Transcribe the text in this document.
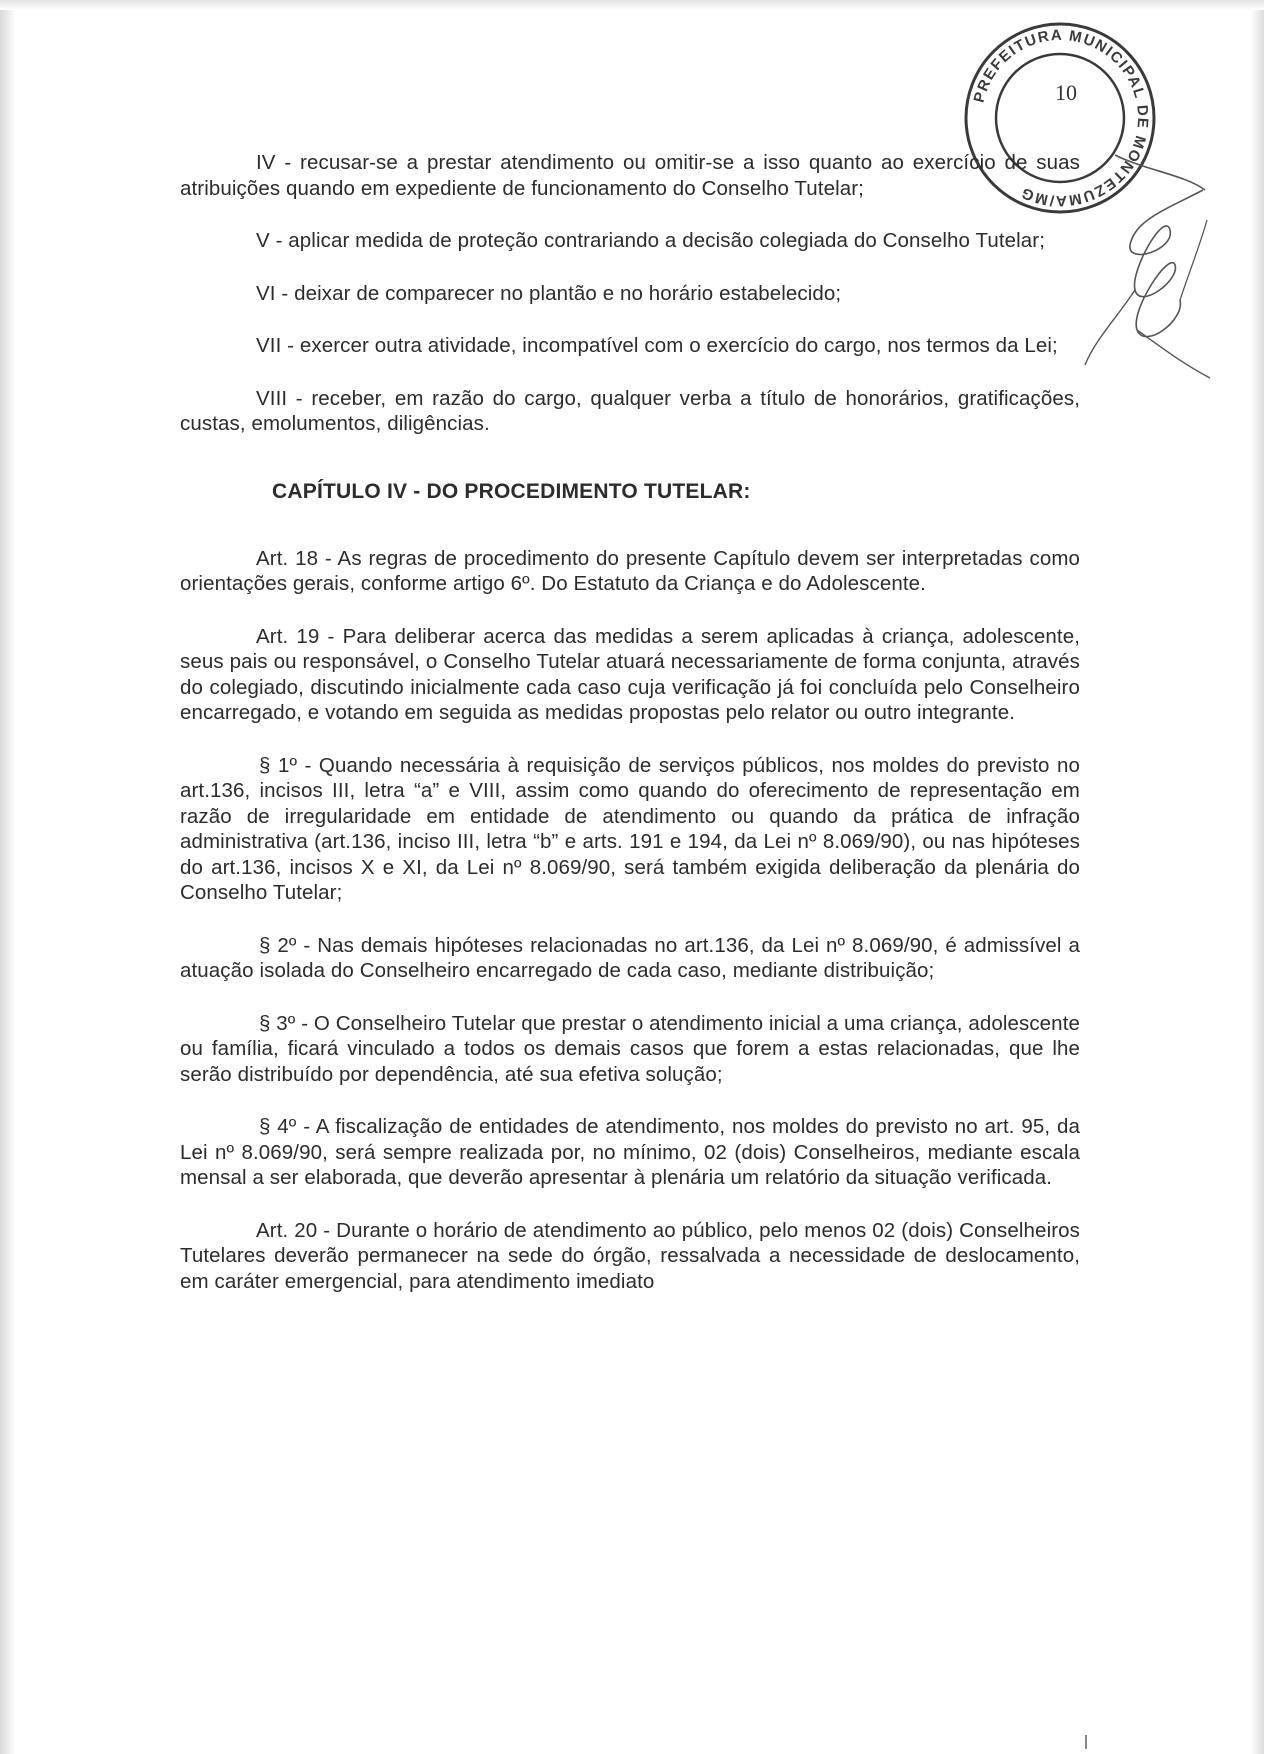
PREFEITURA MUNICIPAL DE MONTEZUMA/MG
10

IV - recusar-se a prestar atendimento ou omitir-se a isso quanto ao exercício de suas atribuições quando em expediente de funcionamento do Conselho Tutelar;

V - aplicar medida de proteção contrariando a decisão colegiada do Conselho Tutelar;

VI - deixar de comparecer no plantão e no horário estabelecido;

VII - exercer outra atividade, incompatível com o exercício do cargo, nos termos da Lei;

VIII - receber, em razão do cargo, qualquer verba a título de honorários, gratificações, custas, emolumentos, diligências.

CAPÍTULO IV - DO PROCEDIMENTO TUTELAR:

Art. 18 - As regras de procedimento do presente Capítulo devem ser interpretadas como orientações gerais, conforme artigo 6º. Do Estatuto da Criança e do Adolescente.

Art. 19 - Para deliberar acerca das medidas a serem aplicadas à criança, adolescente, seus pais ou responsável, o Conselho Tutelar atuará necessariamente de forma conjunta, através do colegiado, discutindo inicialmente cada caso cuja verificação já foi concluída pelo Conselheiro encarregado, e votando em seguida as medidas propostas pelo relator ou outro integrante.

§ 1º - Quando necessária à requisição de serviços públicos, nos moldes do previsto no art.136, incisos III, letra “a” e VIII, assim como quando do oferecimento de representação em razão de irregularidade em entidade de atendimento ou quando da prática de infração administrativa (art.136, inciso III, letra “b” e arts. 191 e 194, da Lei nº 8.069/90), ou nas hipóteses do art.136, incisos X e XI, da Lei nº 8.069/90, será também exigida deliberação da plenária do Conselho Tutelar;

§ 2º - Nas demais hipóteses relacionadas no art.136, da Lei nº 8.069/90, é admissível a atuação isolada do Conselheiro encarregado de cada caso, mediante distribuição;

§ 3º - O Conselheiro Tutelar que prestar o atendimento inicial a uma criança, adolescente ou família, ficará vinculado a todos os demais casos que forem a estas relacionadas, que lhe serão distribuído por dependência, até sua efetiva solução;

§ 4º - A fiscalização de entidades de atendimento, nos moldes do previsto no art. 95, da Lei nº 8.069/90, será sempre realizada por, no mínimo, 02 (dois) Conselheiros, mediante escala mensal a ser elaborada, que deverão apresentar à plenária um relatório da situação verificada.

Art. 20 - Durante o horário de atendimento ao público, pelo menos 02 (dois) Conselheiros Tutelares deverão permanecer na sede do órgão, ressalvada a necessidade de deslocamento, em caráter emergencial, para atendimento imediato
